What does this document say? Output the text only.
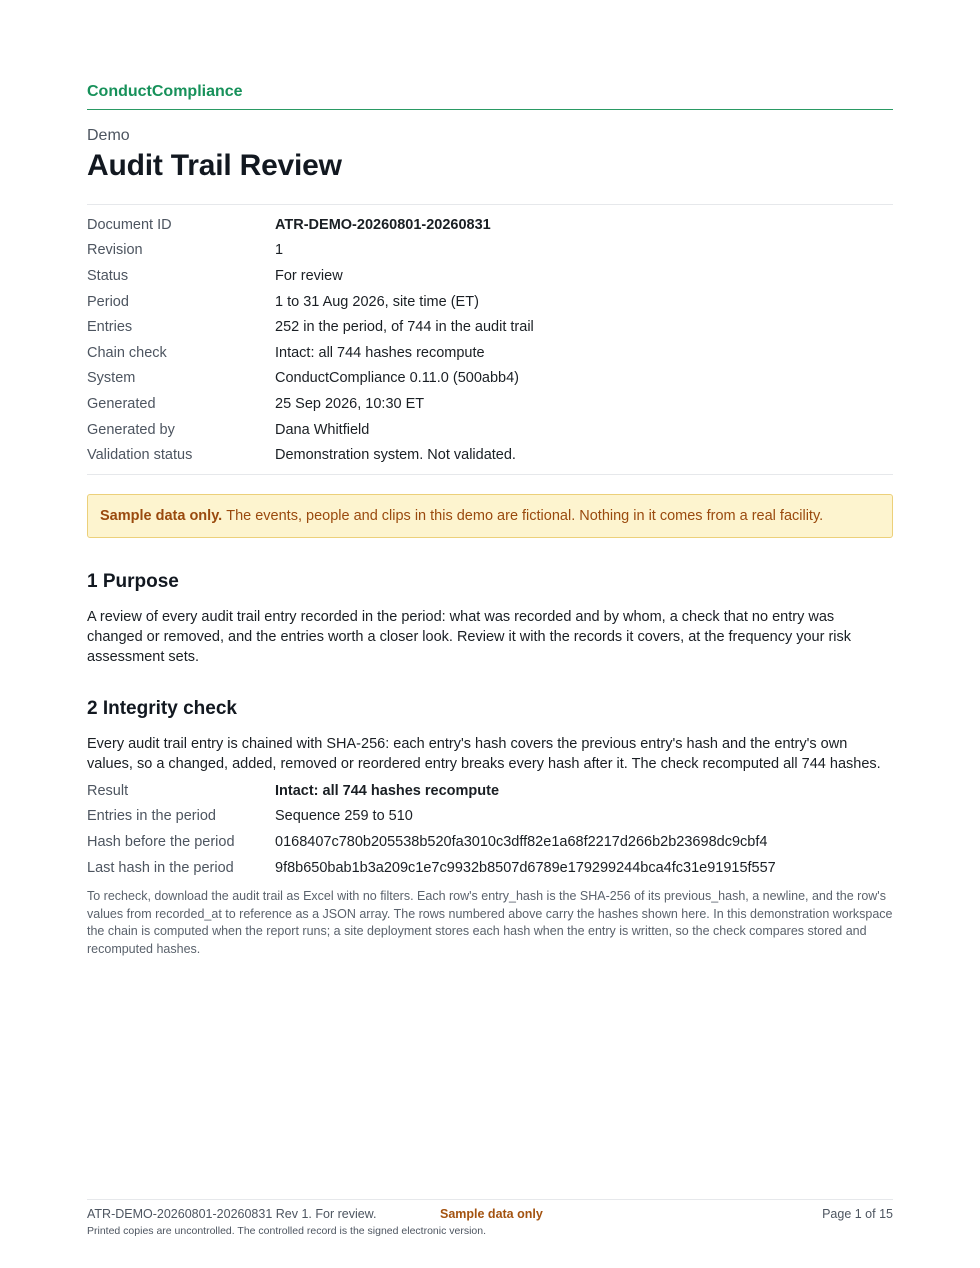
ConductCompliance
Demo
Audit Trail Review
Document ID	ATR-DEMO-20260801-20260831
Revision	1
Status	For review
Period	1 to 31 Aug 2026, site time (ET)
Entries	252 in the period, of 744 in the audit trail
Chain check	Intact: all 744 hashes recompute
System	ConductCompliance 0.11.0 (500abb4)
Generated	25 Sep 2026, 10:30 ET
Generated by	Dana Whitfield
Validation status	Demonstration system. Not validated.
Sample data only. The events, people and clips in this demo are fictional. Nothing in it comes from a real facility.
1 Purpose

A review of every audit trail entry recorded in the period: what was recorded and by whom, a check that no entry was changed or removed, and the entries worth a closer look. Review it with the records it covers, at the frequency your risk assessment sets.

2 Integrity check

Every audit trail entry is chained with SHA-256: each entry's hash covers the previous entry's hash and the entry's own values, so a changed, added, removed or reordered entry breaks every hash after it. The check recomputed all 744 hashes.

Result	Intact: all 744 hashes recompute
Entries in the period	Sequence 259 to 510
Hash before the period	0168407c780b205538b520fa3010c3dff82e1a68f2217d266b2b23698dc9cbf4
Last hash in the period	9f8b650bab1b3a209c1e7c9932b8507d6789e179299244bca4fc31e91915f557

To recheck, download the audit trail as Excel with no filters. Each row's entry_hash is the SHA-256 of its previous_hash, a newline, and the row's values from recorded_at to reference as a JSON array. The rows numbered above carry the hashes shown here. In this demonstration workspace the chain is computed when the report runs; a site deployment stores each hash when the entry is written, so the check compares stored and recomputed hashes.

ATR-DEMO-20260801-20260831 Rev 1. For review.	Sample data only	Page 1 of 15
Printed copies are uncontrolled. The controlled record is the signed electronic version.
